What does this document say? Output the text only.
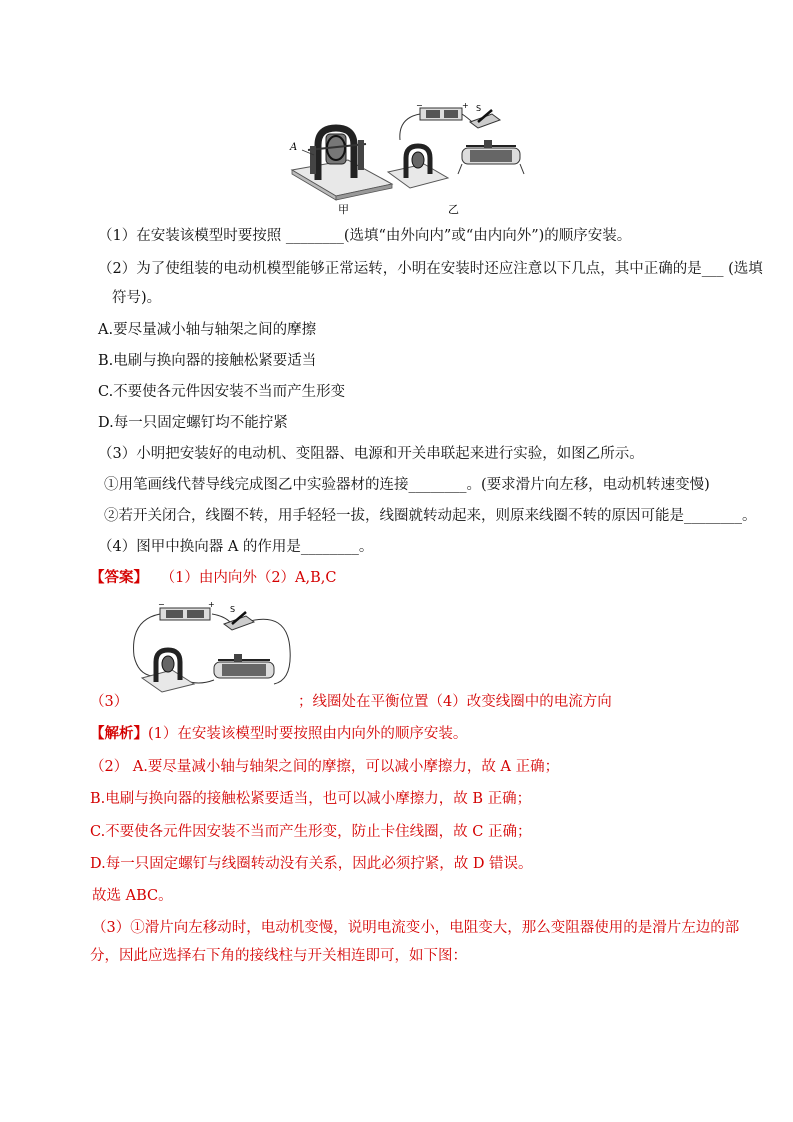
A
甲
−	+ S
乙
（1）在安装该模型时要按照 ________(选填“由外向内”或“由内向外”)的顺序安装。
（2）为了使组装的电动机模型能够正常运转，小明在安装时还应注意以下几点，其中正确的是___ (选填
符号)。
A.要尽量减小轴与轴架之间的摩擦
B.电刷与换向器的接触松紧要适当
C.不要使各元件因安装不当而产生形变
D.每一只固定螺钉均不能拧紧
（3）小明把安装好的电动机、变阻器、电源和开关串联起来进行实验，如图乙所示。
①用笔画线代替导线完成图乙中实验器材的连接________。(要求滑片向左移，电动机转速变慢)
②若开关闭合，线圈不转，用手轻轻一拔，线圈就转动起来，则原来线圈不转的原因可能是________。
（4）图甲中换向器 A 的作用是________。
【答案】 （1）由内向外（2）A,B,C
−	+
S
（3）	；线圈处在平衡位置（4）改变线圈中的电流方向
【解析】(1）在安装该模型时要按照由内向外的顺序安装。
（2） A.要尽量减小轴与轴架之间的摩擦，可以减小摩擦力，故 A 正确；
B.电刷与换向器的接触松紧要适当，也可以减小摩擦力，故 B 正确；
C.不要使各元件因安装不当而产生形变，防止卡住线圈，故 C 正确；
D.每一只固定螺钉与线圈转动没有关系，因此必须拧紧，故 D 错误。
故选 ABC。
（3）①滑片向左移动时，电动机变慢，说明电流变小，电阻变大，那么变阻器使用的是滑片左边的部
分，因此应选择右下角的接线柱与开关相连即可，如下图：
